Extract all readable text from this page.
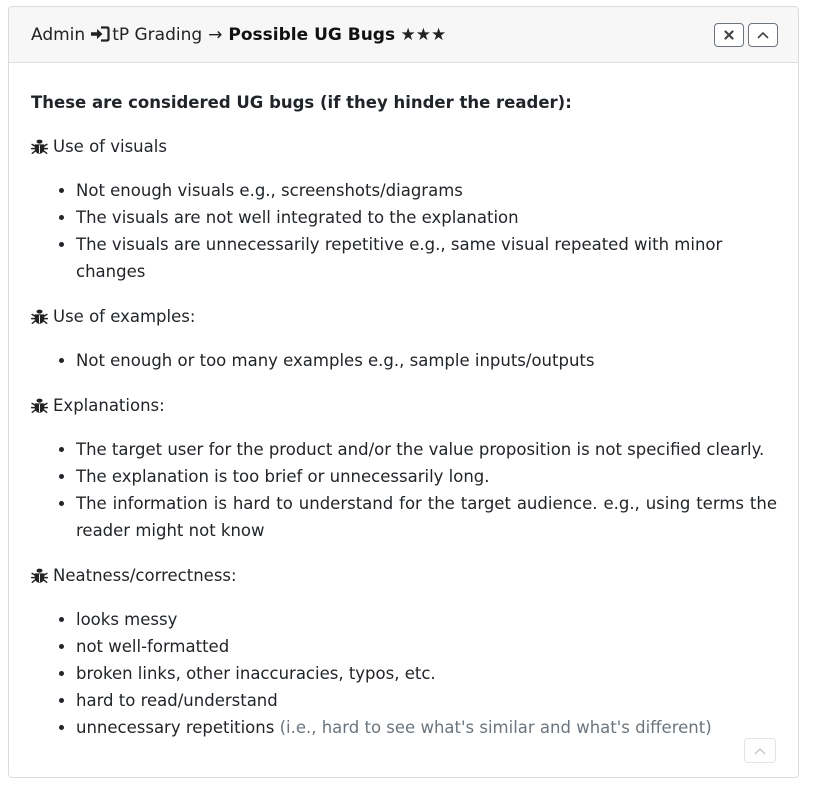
Admin tP Grading → Possible UG Bugs ★★★

These are considered UG bugs (if they hinder the reader):

Use of visuals
• Not enough visuals e.g., screenshots/diagrams
• The visuals are not well integrated to the explanation
• The visuals are unnecessarily repetitive e.g., same visual repeated with minor changes
Use of examples:
• Not enough or too many examples e.g., sample inputs/outputs
Explanations:
• The target user for the product and/or the value proposition is not specified clearly.
• The explanation is too brief or unnecessarily long.
• The information is hard to understand for the target audience. e.g., using terms the reader might not know
Neatness/correctness:
• looks messy
• not well-formatted
• broken links, other inaccuracies, typos, etc.
• hard to read/understand
• unnecessary repetitions (i.e., hard to see what's similar and what's different)
